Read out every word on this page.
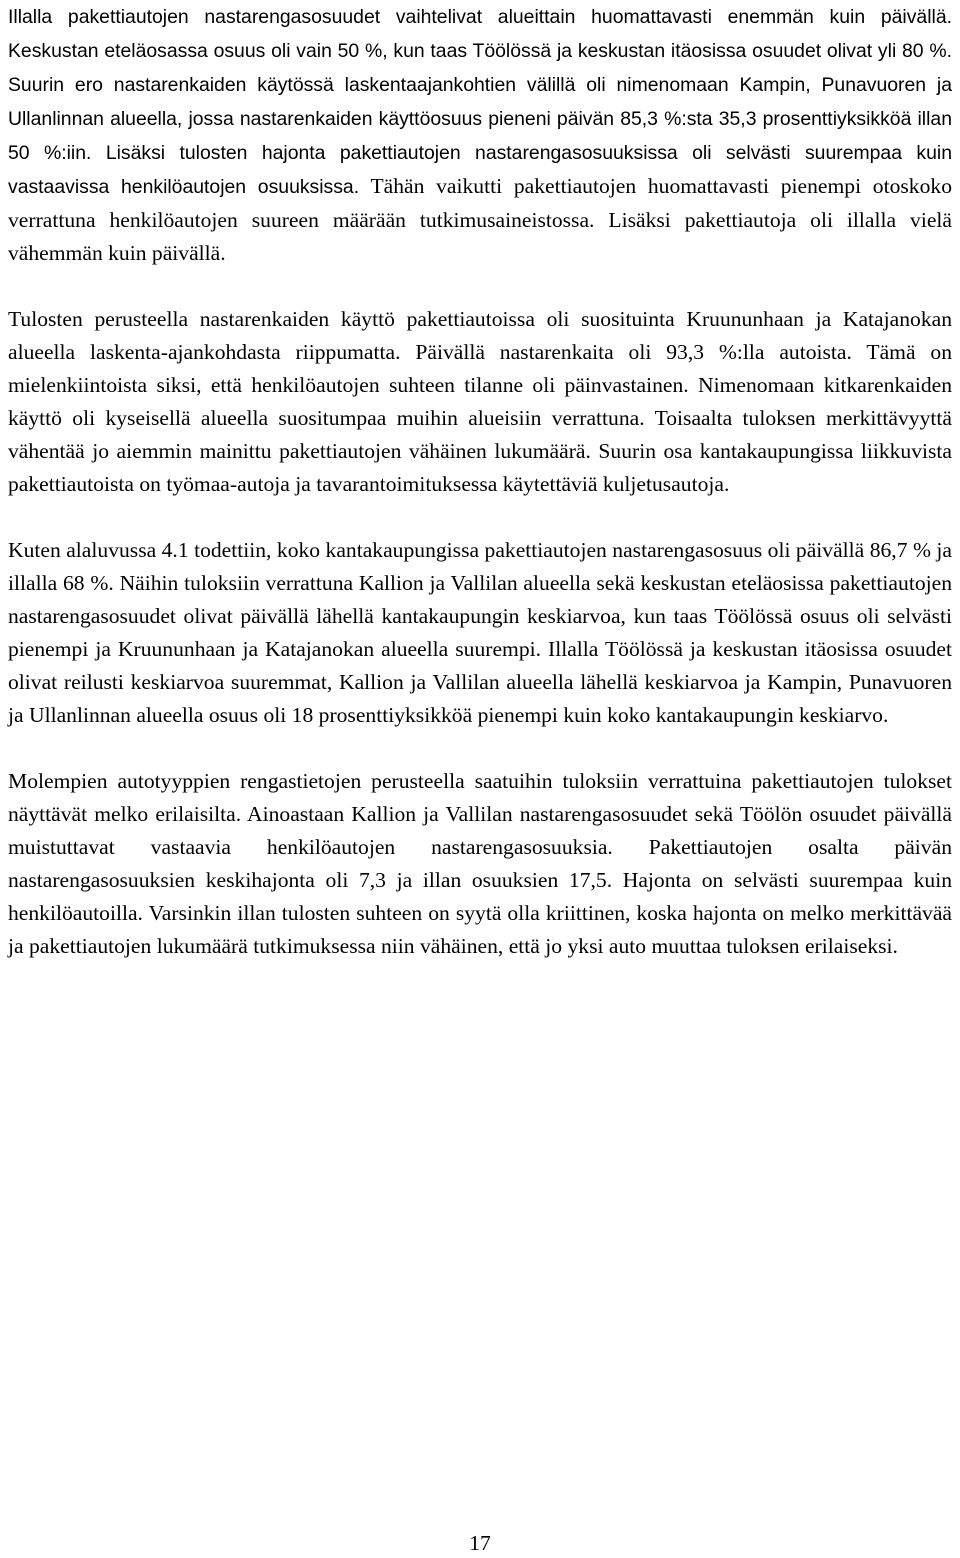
Illalla pakettiautojen nastarengasosuudet vaihtelivat alueittain huomattavasti enemmän kuin päivällä. Keskustan eteläosassa osuus oli vain 50 %, kun taas Töölössä ja keskustan itäosissa osuudet olivat yli 80 %. Suurin ero nastarenkaiden käytössä laskentaajankohtien välillä oli nimenomaan Kampin, Punavuoren ja Ullanlinnan alueella, jossa nastarenkaiden käyttöosuus pieneni päivän 85,3 %:sta 35,3 prosenttiyksikköä illan 50 %:iin. Lisäksi tulosten hajonta pakettiautojen nastarengasosuuksissa oli selvästi suurempaa kuin vastaavissa henkilöautojen osuuksissa. Tähän vaikutti pakettiautojen huomattavasti pienempi otoskoko verrattuna henkilöautojen suureen määrään tutkimusaineistossa. Lisäksi pakettiautoja oli illalla vielä vähemmän kuin päivällä.

Tulosten perusteella nastarenkaiden käyttö pakettiautoissa oli suosituinta Kruununhaan ja Katajanokan alueella laskenta-ajankohdasta riippumatta. Päivällä nastarenkaita oli 93,3 %:lla autoista. Tämä on mielenkiintoista siksi, että henkilöautojen suhteen tilanne oli päinvastainen. Nimenomaan kitkarenkaiden käyttö oli kyseisellä alueella suositumpaa muihin alueisiin verrattuna. Toisaalta tuloksen merkittävyyttä vähentää jo aiemmin mainittu pakettiautojen vähäinen lukumäärä. Suurin osa kantakaupungissa liikkuvista pakettiautoista on työmaa-autoja ja tavarantoimituksessa käytettäviä kuljetusautoja.

Kuten alaluvussa 4.1 todettiin, koko kantakaupungissa pakettiautojen nastarengasosuus oli päivällä 86,7 % ja illalla 68 %. Näihin tuloksiin verrattuna Kallion ja Vallilan alueella sekä keskustan eteläosissa pakettiautojen nastarengasosuudet olivat päivällä lähellä kantakaupungin keskiarvoa, kun taas Töölössä osuus oli selvästi pienempi ja Kruununhaan ja Katajanokan alueella suurempi. Illalla Töölössä ja keskustan itäosissa osuudet olivat reilusti keskiarvoa suuremmat, Kallion ja Vallilan alueella lähellä keskiarvoa ja Kampin, Punavuoren ja Ullanlinnan alueella osuus oli 18 prosenttiyksikköä pienempi kuin koko kantakaupungin keskiarvo.

Molempien autotyyppien rengastietojen perusteella saatuihin tuloksiin verrattuina pakettiautojen tulokset näyttävät melko erilaisilta. Ainoastaan Kallion ja Vallilan nastarengasosuudet sekä Töölön osuudet päivällä muistuttavat vastaavia henkilöautojen nastarengasosuuksia. Pakettiautojen osalta päivän nastarengasosuuksien keskihajonta oli 7,3 ja illan osuuksien 17,5. Hajonta on selvästi suurempaa kuin henkilöautoilla. Varsinkin illan tulosten suhteen on syytä olla kriittinen, koska hajonta on melko merkittävää ja pakettiautojen lukumäärä tutkimuksessa niin vähäinen, että jo yksi auto muuttaa tuloksen erilaiseksi.

17
